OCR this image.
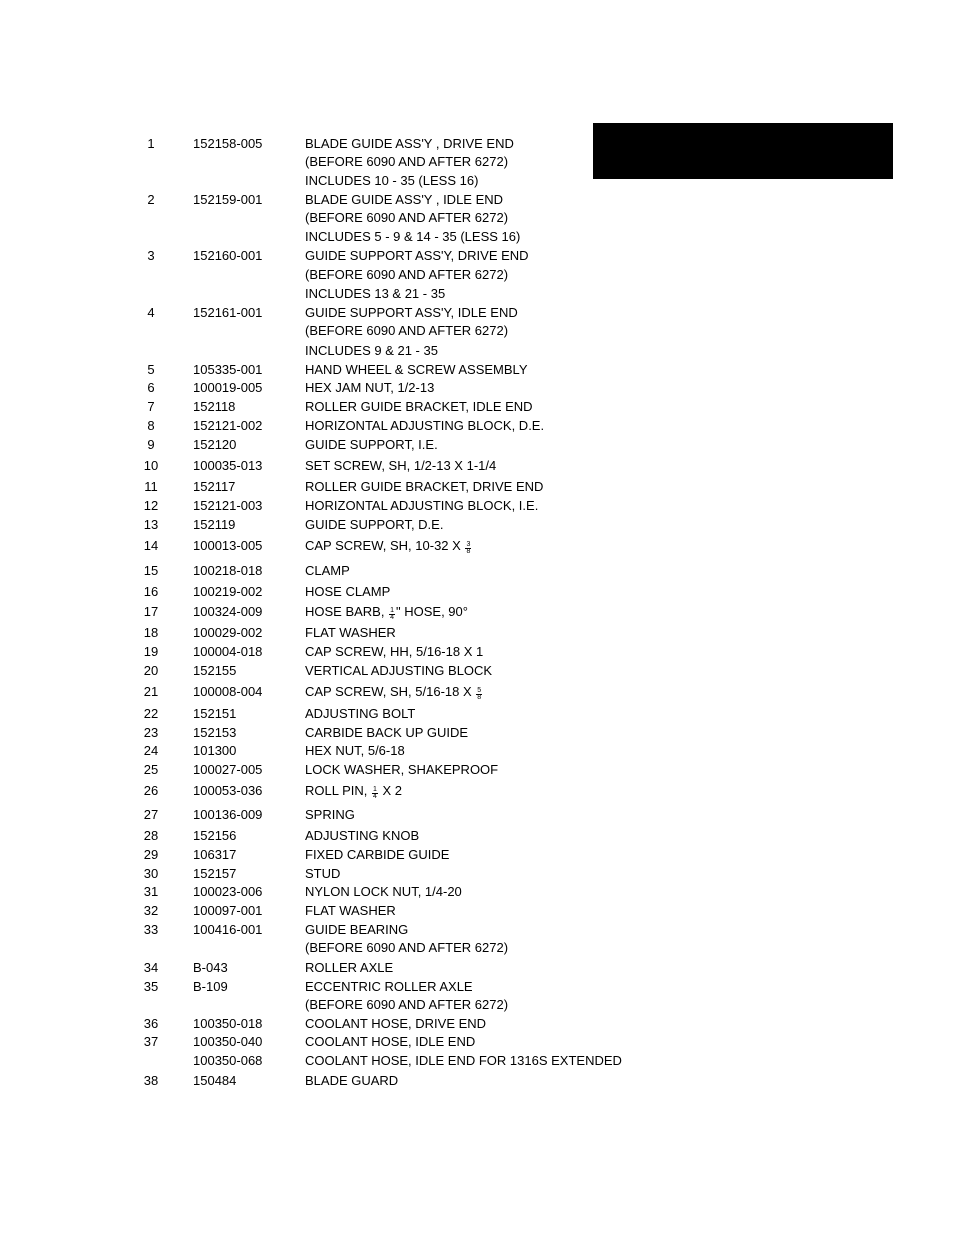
1	152158-005	BLADE GUIDE ASS'Y , DRIVE END
(BEFORE 6090 AND AFTER 6272)
INCLUDES 10 - 35 (LESS 16)
2	152159-001	BLADE GUIDE ASS'Y , IDLE END
(BEFORE 6090 AND AFTER 6272)
INCLUDES 5 - 9 & 14 - 35 (LESS 16)
3	152160-001	GUIDE SUPPORT ASS'Y, DRIVE END
(BEFORE 6090 AND AFTER 6272)
INCLUDES 13 & 21 - 35
4	152161-001	GUIDE SUPPORT ASS'Y, IDLE END
(BEFORE 6090 AND AFTER 6272)
INCLUDES 9 & 21 - 35
5	105335-001	HAND WHEEL & SCREW ASSEMBLY
6	100019-005	HEX JAM NUT, 1/2-13
7	152118	ROLLER GUIDE BRACKET, IDLE END
8	152121-002	HORIZONTAL ADJUSTING BLOCK, D.E.
9	152120	GUIDE SUPPORT, I.E.
10	100035-013	SET SCREW, SH, 1/2-13 X 1-1/4
11	152117	ROLLER GUIDE BRACKET, DRIVE END
12	152121-003	HORIZONTAL ADJUSTING BLOCK, I.E.
13	152119	GUIDE SUPPORT, D.E.
14	100013-005	CAP SCREW, SH, 10-32 X $\frac{3}{8}$
15	100218-018	CLAMP
16	100219-002	HOSE CLAMP
17	100324-009	HOSE BARB, $\frac{1}{4}$ " HOSE, 90°
18	100029-002	FLAT WASHER
19	100004-018	CAP SCREW, HH, 5/16-18 X 1
20	152155	VERTICAL ADJUSTING BLOCK
21	100008-004	CAP SCREW, SH, 5/16-18 X $\frac{5}{8}$
22	152151	ADJUSTING BOLT
23	152153	CARBIDE BACK UP GUIDE
24	101300	HEX NUT, 5/6-18
25	100027-005	LOCK WASHER, SHAKEPROOF
26	100053-036	ROLL PIN, $\frac{1}{4}$ X 2
27	100136-009	SPRING
28	152156	ADJUSTING KNOB
29	106317	FIXED CARBIDE GUIDE
30	152157	STUD
31	100023-006	NYLON LOCK NUT, 1/4-20
32	100097-001	FLAT WASHER
33	100416-001	GUIDE BEARING
(BEFORE 6090 AND AFTER 6272)
34	B-043	ROLLER AXLE
35	B-109	ECCENTRIC ROLLER AXLE
(BEFORE 6090 AND AFTER 6272)
36	100350-018	COOLANT HOSE, DRIVE END
37	100350-040	COOLANT HOSE, IDLE END
100350-068	COOLANT HOSE, IDLE END FOR 1316S EXTENDED
38	150484	BLADE GUARD
